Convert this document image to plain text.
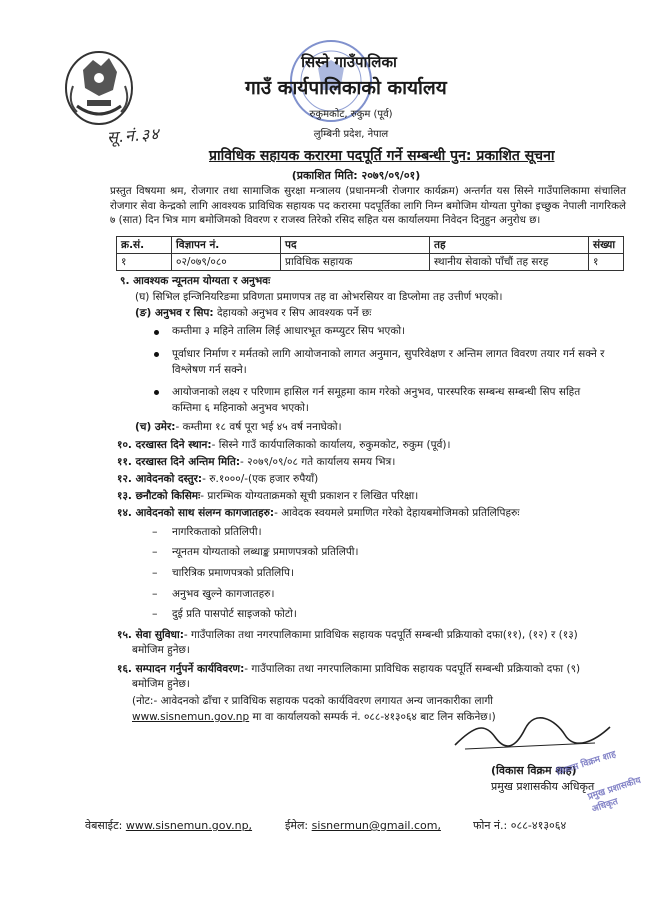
सिस्ने गाउँपालिका
गाउँ कार्यपालिकाको कार्यालय
रुकुमकोट, रुकुम (पूर्व)
लुम्बिनी प्रदेश, नेपाल
सू.नं.३४
प्राविधिक सहायक करारमा पदपूर्ति गर्ने सम्बन्धी पुन: प्रकाशित सूचना
(प्रकाशित मिति: २०७९/०९/०१)
प्रस्तुत विषयमा श्रम, रोजगार तथा सामाजिक सुरक्षा मन्त्रालय (प्रधानमन्त्री रोजगार कार्यक्रम) अन्तर्गत यस सिस्ने गाउँपालिकामा संचालित रोजगार सेवा केन्द्रको लागि आवश्यक प्राविधिक सहायक पद करारमा पदपूर्तिका लागि निम्न बमोजिम योग्यता पुगेका इच्छुक नेपाली नागरिकले ७ (सात) दिन भित्र माग बमोजिमको विवरण र राजस्व तिरेको रसिद सहित यस कार्यालयमा निवेदन दिनुहुन अनुरोध छ।
क्र.सं.	विज्ञापन नं.	पद	तह	संख्या
१	०२/०७९/०८०	प्राविधिक सहायक	स्थानीय सेवाको पाँचौं तह सरह	१
९. आवश्यक न्यूनतम योग्यता र अनुभवः
(घ) सिभिल इन्जिनियरिङमा प्रविणता प्रमाणपत्र तह वा ओभरसियर वा डिप्लोमा तह उत्तीर्ण भएको।
(ङ) अनुभव र सिप: देहायको अनुभव र सिप आवश्यक पर्ने छः
कम्तीमा ३ महिने तालिम लिई आधारभूत कम्प्युटर सिप भएको।
पूर्वाधार निर्माण र मर्मतको लागि आयोजनाको लागत अनुमान, सुपरिवेक्षण र अन्तिम लागत विवरण तयार गर्न सक्ने र विश्लेषण गर्न सक्ने।
आयोजनाको लक्ष्य र परिणाम हासिल गर्न समूहमा काम गरेको अनुभव, पारस्परिक सम्बन्ध सम्बन्धी सिप सहित कम्तिमा ६ महिनाको अनुभव भएको।
(च) उमेर:- कम्तीमा १८ वर्ष पूरा भई ४५ वर्ष ननाघेको।
१०. दरखास्त दिने स्थान:- सिस्ने गाउँ कार्यपालिकाको कार्यालय, रुकुमकोट, रुकुम (पूर्व)।
११. दरखास्त दिने अन्तिम मिति:- २०७९/०९/०८ गते कार्यालय समय भित्र।
१२. आवेदनको दस्तुर:- रु.१०००/-(एक हजार रुपैयाँ)
१३. छनौटको किसिमः- प्रारम्भिक योग्यताक्रमको सूची प्रकाशन र लिखित परिक्षा।
१४. आवेदनको साथ संलग्न कागजातहरु:- आवेदक स्वयमले प्रमाणित गरेको देहायबमोजिमको प्रतिलिपिहरुः
– नागरिकताको प्रतिलिपी।
– न्यूनतम योग्यताको लब्धाङ्क प्रमाणपत्रको प्रतिलिपी।
– चारित्रिक प्रमाणपत्रको प्रतिलिपि।
– अनुभव खुल्ने कागजातहरु।
– दुई प्रति पासपोर्ट साइजको फोटो।
१५. सेवा सुविधा:- गाउँपालिका तथा नगरपालिकामा प्राविधिक सहायक पदपूर्ति सम्बन्धी प्रक्रियाको दफा(११), (१२) र (१३)
बमोजिम हुनेछ।
१६. सम्पादन गर्नुपर्ने कार्यविवरण:- गाउँपालिका तथा नगरपालिकामा प्राविधिक सहायक पदपूर्ति सम्बन्धी प्रक्रियाको दफा (९)
बमोजिम हुनेछ।
(नोट:- आवेदनको ढाँचा र प्राविधिक सहायक पदको कार्यविवरण लगायत अन्य जानकारीका लागी
www.sisnemun.gov.np मा वा कार्यालयको सम्पर्क नं. ०८८-४१३०६४ बाट लिन सकिनेछ।)
(विकास विक्रम शाह)
प्रमुख प्रशासकीय अधिकृत
विकास विक्रम शाह
प्रमुख प्रशासकीय अधिकृत
वेबसाईट: www.sisnemun.gov.np,	ईमेल: sisnermun@gmail.com,	फोन नं.: ०८८-४१३०६४
